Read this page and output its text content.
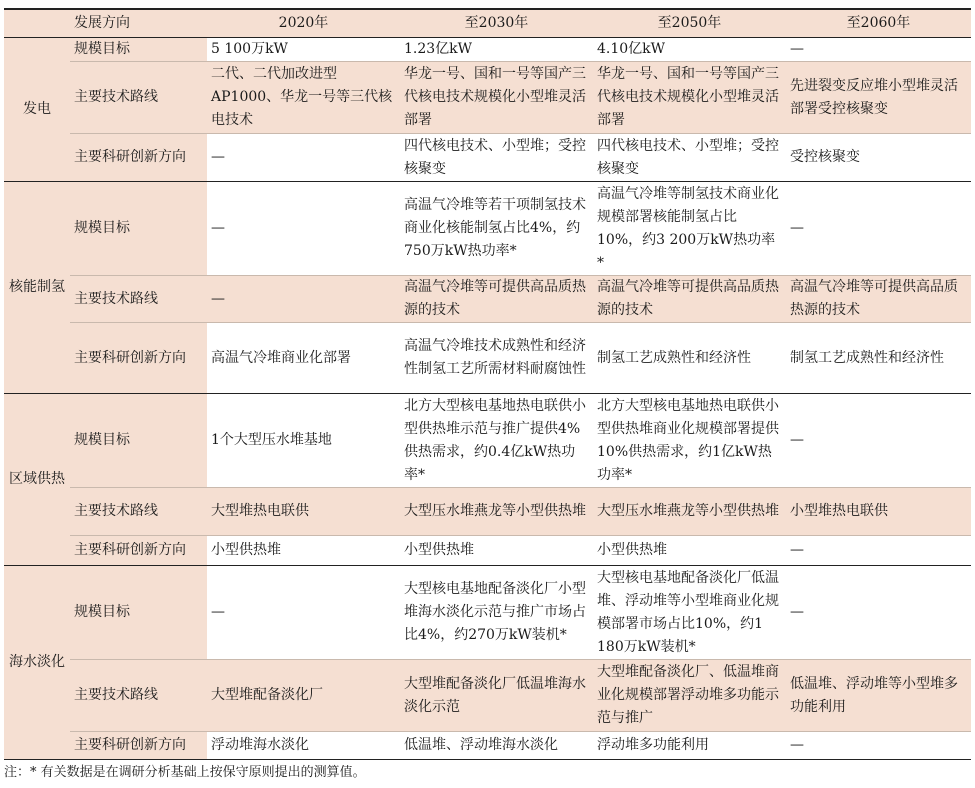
	发展方向	2020年	至2030年	至2050年	至2060年
发电	规模目标	5 100万kW	1.23亿kW	4.10亿kW	—
	主要技术路线	二代、二代加改进型AP1000、华龙一号等三代核电技术	华龙一号、国和一号等国产三代核电技术规模化小型堆灵活部署	华龙一号、国和一号等国产三代核电技术规模化小型堆灵活部署	先进裂变反应堆小型堆灵活部署受控核聚变
	主要科研创新方向	—	四代核电技术、小型堆；受控核聚变	四代核电技术、小型堆；受控核聚变	受控核聚变
核能制氢	规模目标	—	高温气冷堆等若干项制氢技术商业化核能制氢占比4%，约750万kW热功率*	高温气冷堆等制氢技术商业化规模部署核能制氢占比10%，约3 200万kW热功率*	—
	主要技术路线	—	高温气冷堆等可提供高品质热源的技术	高温气冷堆等可提供高品质热源的技术	高温气冷堆等可提供高品质热源的技术
	主要科研创新方向	高温气冷堆商业化部署	高温气冷堆技术成熟性和经济性制氢工艺所需材料耐腐蚀性	制氢工艺成熟性和经济性	制氢工艺成熟性和经济性
区域供热	规模目标	1个大型压水堆基地	北方大型核电基地热电联供小型供热堆示范与推广提供4%供热需求，约0.4亿kW热功率*	北方大型核电基地热电联供小型供热堆商业化规模部署提供10%供热需求，约1亿kW热功率*	—
	主要技术路线	大型堆热电联供	大型压水堆燕龙等小型供热堆	大型压水堆燕龙等小型供热堆	小型堆热电联供
	主要科研创新方向	小型供热堆	小型供热堆	小型供热堆	—
海水淡化	规模目标	—	大型核电基地配备淡化厂小型堆海水淡化示范与推广市场占比4%，约270万kW装机*	大型核电基地配备淡化厂低温堆、浮动堆等小型堆商业化规模部署市场占比10%，约1 180万kW装机*	—
	主要技术路线	大型堆配备淡化厂	大型堆配备淡化厂低温堆海水淡化示范	大型堆配备淡化厂、低温堆商业化规模部署浮动堆多功能示范与推广	低温堆、浮动堆等小型堆多功能利用
	主要科研创新方向	浮动堆海水淡化	低温堆、浮动堆海水淡化	浮动堆多功能利用	—
注：* 有关数据是在调研分析基础上按保守原则提出的测算值。
